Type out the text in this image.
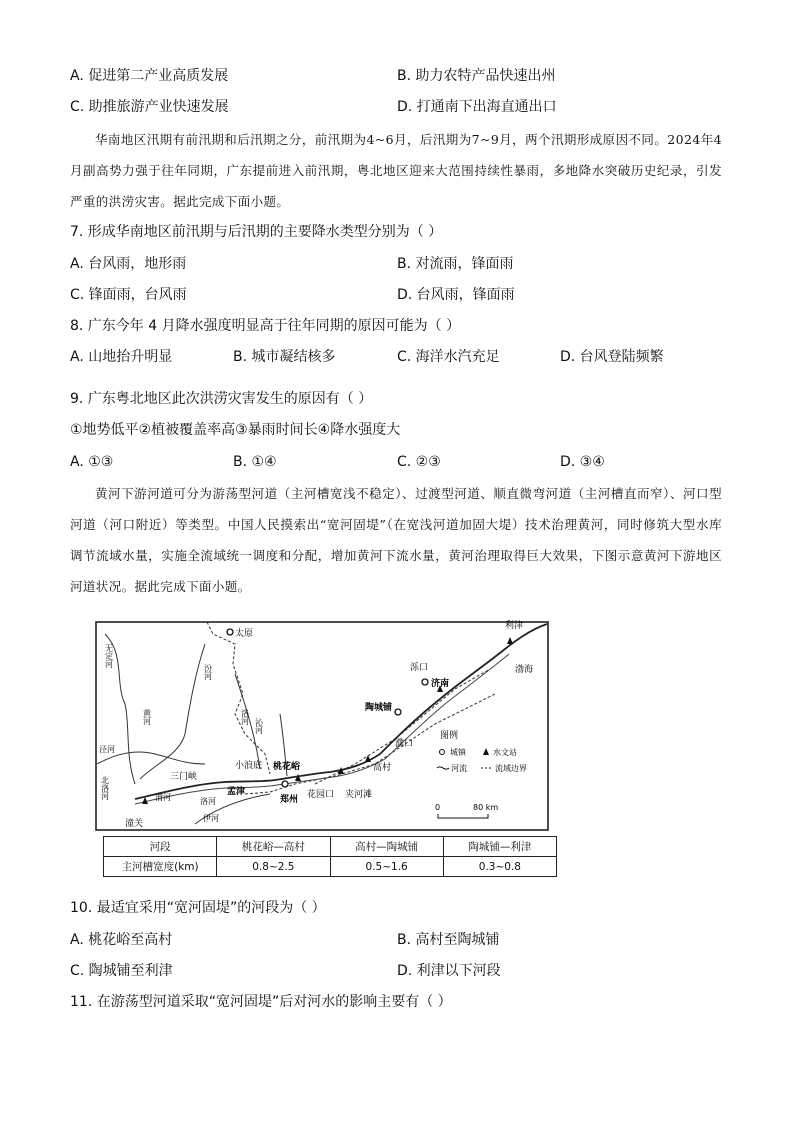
A. 促进第二产业高质发展	B. 助力农特产品快速出州
C. 助推旅游产业快速发展	D. 打通南下出海直通出口

华南地区汛期有前汛期和后汛期之分，前汛期为4~6月，后汛期为7~9月，两个汛期形成原因不同。2024年4月副高势力强于往年同期，广东提前进入前汛期，粤北地区迎来大范围持续性暴雨，多地降水突破历史纪录，引发严重的洪涝灾害。据此完成下面小题。

7. 形成华南地区前汛期与后汛期的主要降水类型分别为（ ）
A. 台风雨，地形雨	B. 对流雨，锋面雨
C. 锋面雨，台风雨	D. 台风雨，锋面雨
8. 广东今年 4 月降水强度明显高于往年同期的原因可能为（ ）
A. 山地抬升明显	B. 城市凝结核多	C. 海洋水汽充足	D. 台风登陆频繁
9. 广东粤北地区此次洪涝灾害发生的原因有（ ）
①地势低平②植被覆盖率高③暴雨时间长④降水强度大
A. ①③	B. ①④	C. ②③	D. ③④

黄河下游河道可分为游荡型河道（主河槽宽浅不稳定）、过渡型河道、顺直微弯河道（主河槽直而窄）、河口型河道（河口附近）等类型。中国人民摸索出“宽河固堤”（在宽浅河道加固大堤）技术治理黄河，同时修筑大型水库调节流域水量，实施全流域统一调度和分配，增加黄河下流水量，黄河治理取得巨大效果，下图示意黄河下游地区河道状况。据此完成下面小题。

太原
利津
渤海
泺口
济南
陶城铺
濮口
高村
桃花峪
小浪底
三门峡
孟津
郑州 花园口 夹河滩
潼关
无定河
汾河
泾河
黄河
北洛河
洛河
沁河
渭河	洛河
伊河
图例
城镇	水文站
河流	流域边界
0	80 km
河段	桃花峪—高村	高村—陶城铺	陶城铺—利津
主河槽宽度(km)	0.8~2.5	0.5~1.6	0.3~0.8
10. 最适宜采用“宽河固堤”的河段为（ ）
A. 桃花峪至高村	B. 高村至陶城铺
C. 陶城铺至利津	D. 利津以下河段
11. 在游荡型河道采取“宽河固堤”后对河水的影响主要有（ ）
